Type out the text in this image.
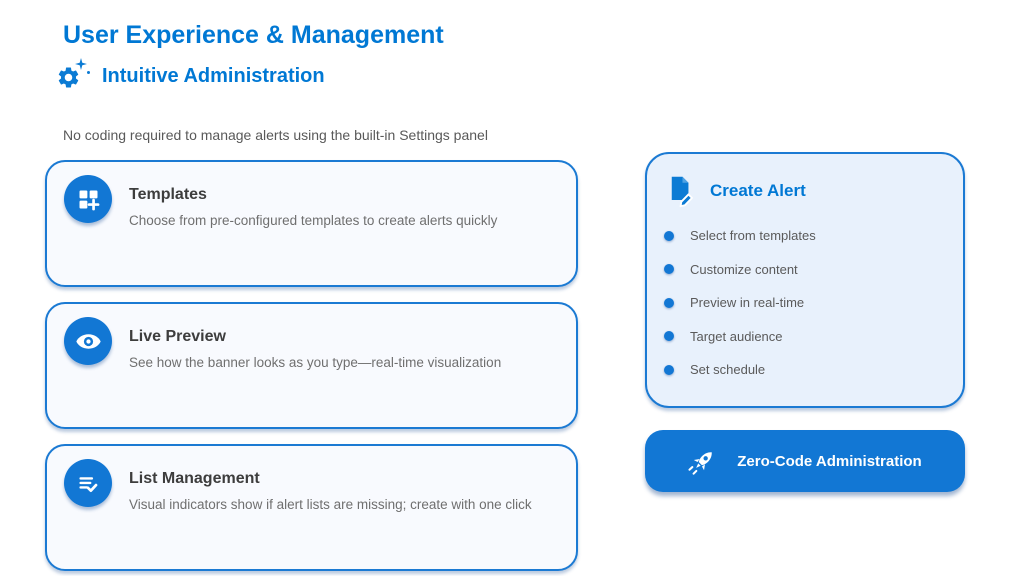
User Experience & Management
Intuitive Administration

No coding required to manage alerts using the built-in Settings panel

Templates
Choose from pre-configured templates to create alerts quickly
Live Preview
See how the banner looks as you type—real-time visualization
List Management
Visual indicators show if alert lists are missing; create with one click
Create Alert
Select from templates
Customize content
Preview in real-time
Target audience
Set schedule
Zero-Code Administration
